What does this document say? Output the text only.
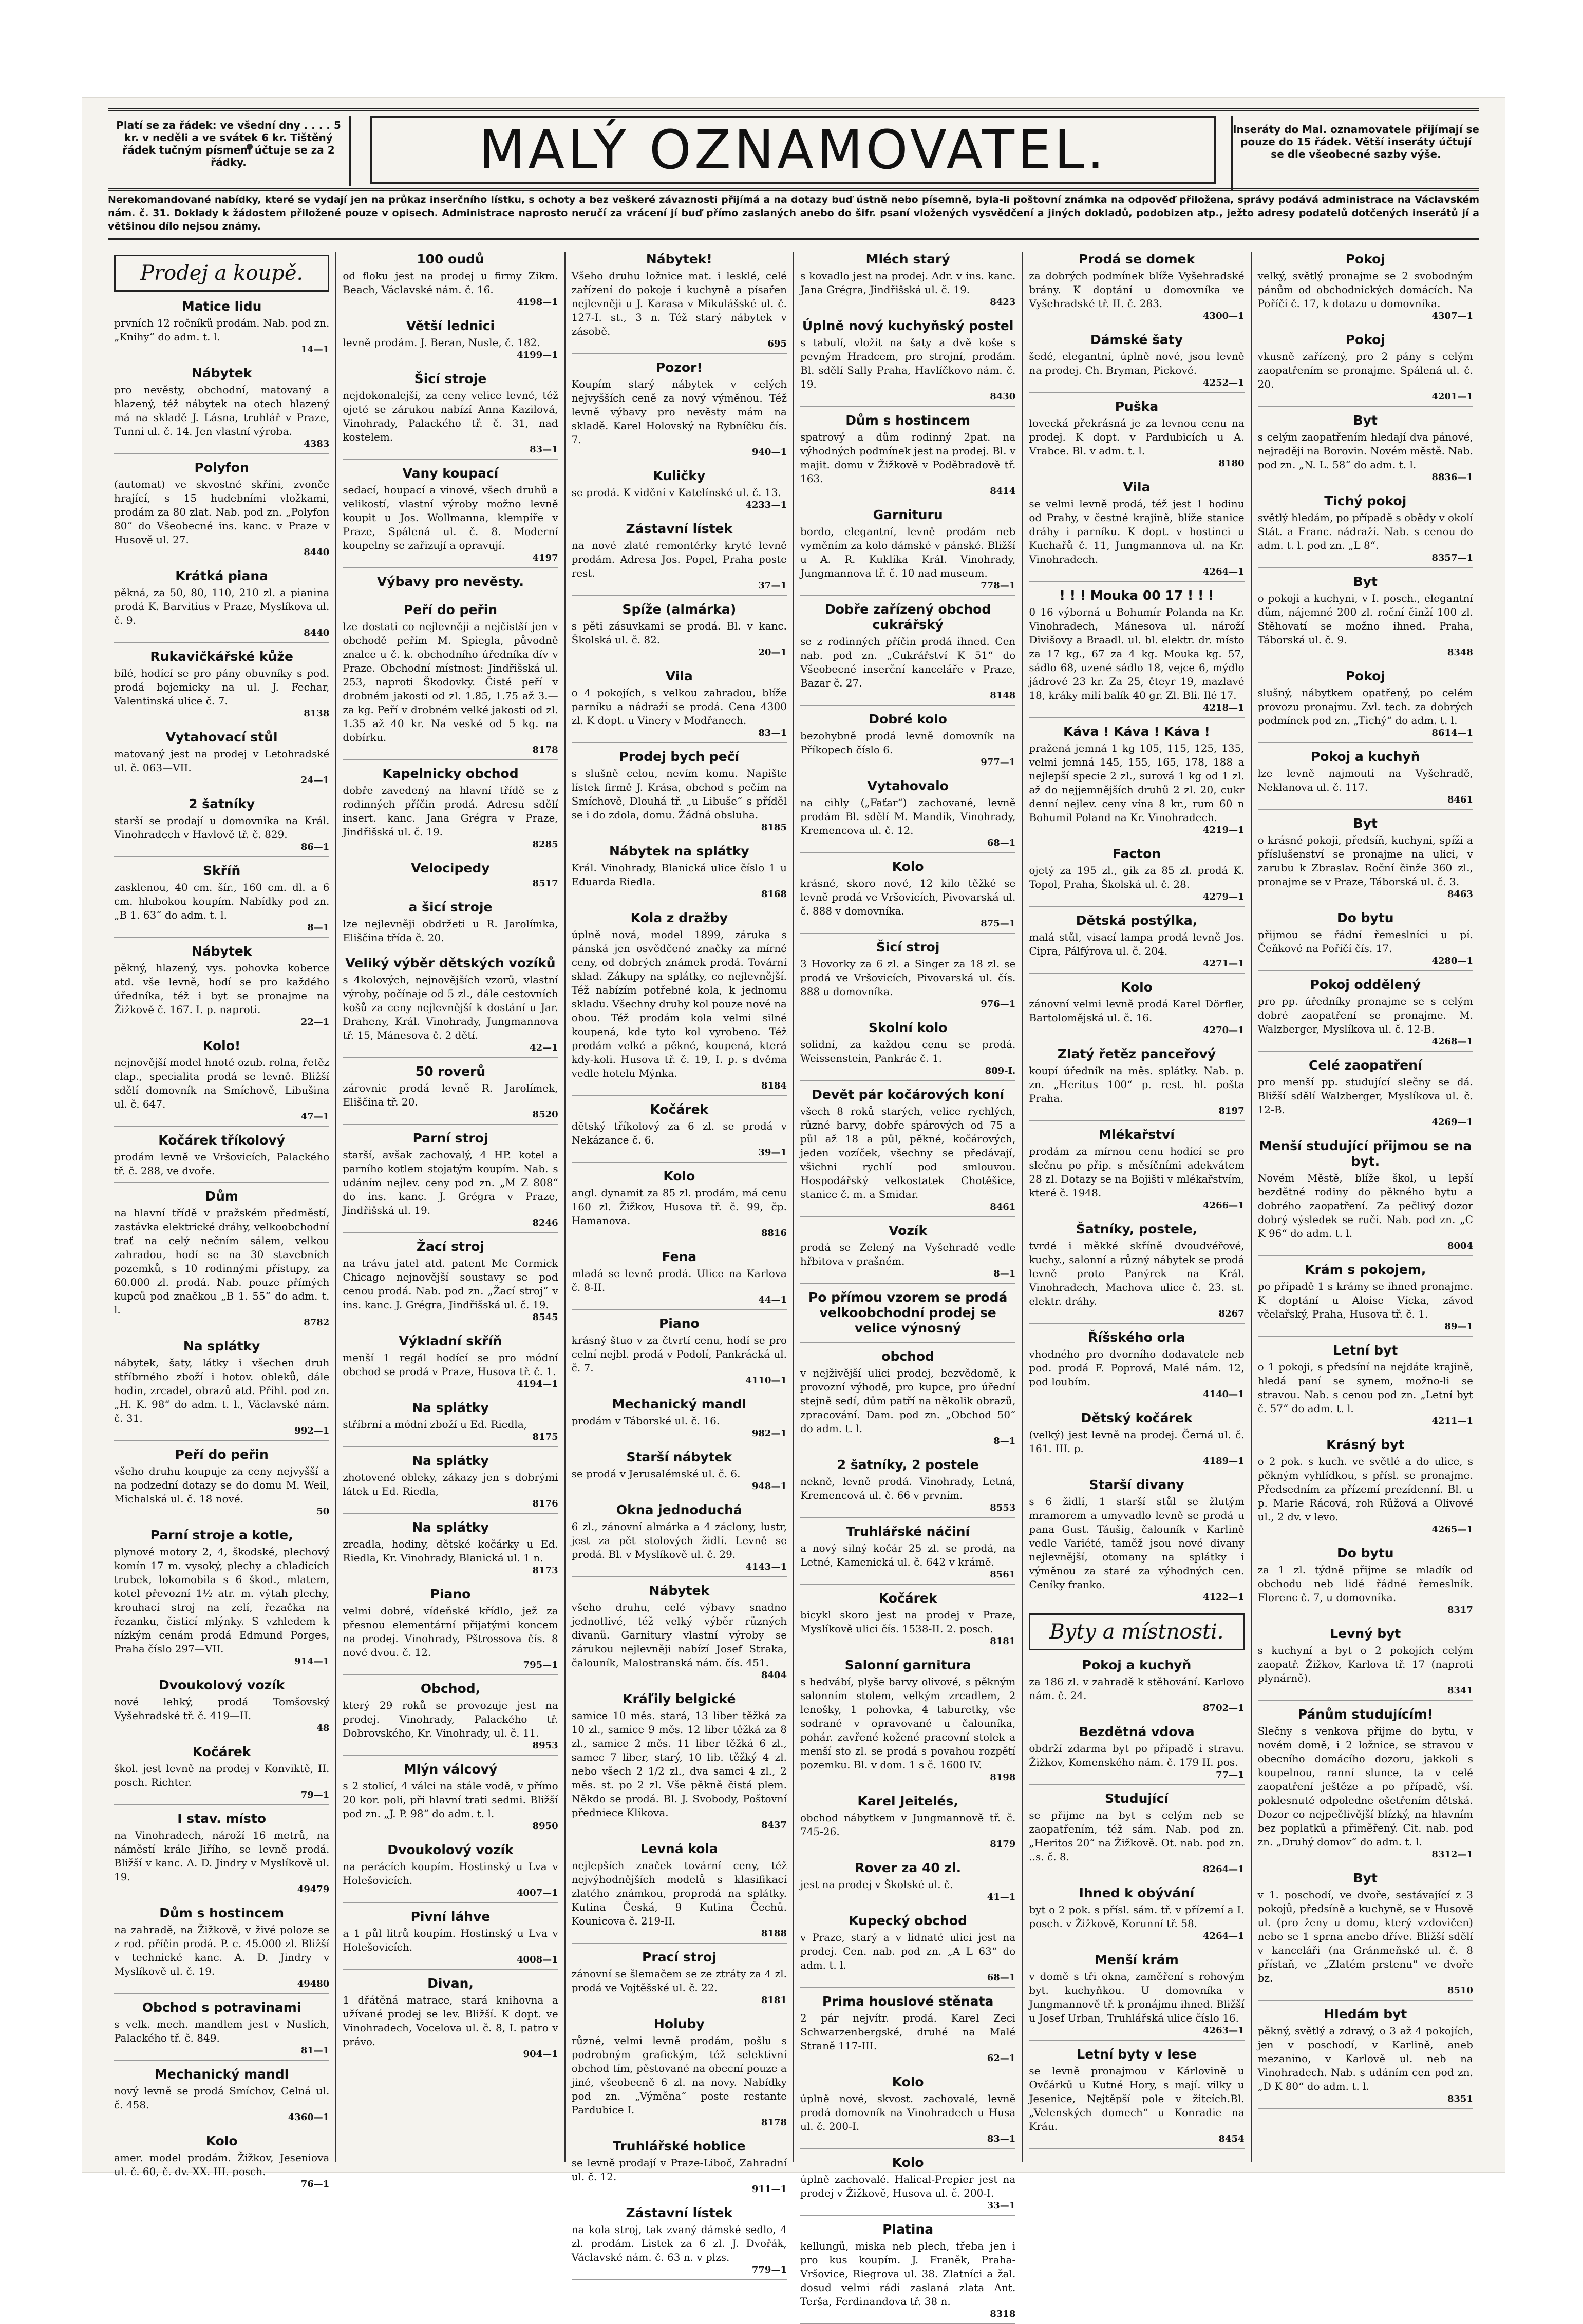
Platí se za řádek: ve všední dny . . . . 5 kr. v neděli a ve svátek 6 kr. Tištěný řádek tučným písmem účtuje se za 2 řádky.	MALÝ OZNAMOVATEL.	Inseráty do Mal. oznamovatele přijímají se pouze do 15 řádek. Větší inseráty účtují se dle všeobecné sazby výše.
Nerekomandované nabídky, které se vydají jen na průkaz inserčního lístku, s ochoty a bez veškeré závaznosti přijímá a na dotazy buď ústně nebo písemně, byla-li poštovní známka na odpověď přiložena, správy podává administrace na Václavském nám. č. 31. Doklady k žádostem přiložené pouze v opisech. Administrace naprosto neručí za vrácení jí buď přímo zaslaných anebo do šifr. psaní vložených vysvědčení a jiných dokladů, podobizen atp., ježto adresy podatelů dotčených inserátů jí a většinou dílo nejsou známy.
Prodej a koupě.
Matice lidu

prvních 12 ročníků prodám. Nab. pod zn. „Knihy“ do adm. t. l.

14—1
Nábytek

pro nevěsty, obchodní, matovaný a hlazený, též nábytek na otech hlazený má na skladě J. Lásna, truhlář v Praze, Tunni ul. č. 14. Jen vlastní výroba.

4383
Polyfon

(automat) ve skvostné skříni, zvonče hrající, s 15 hudebními vložkami, prodám za 80 zlat. Nab. pod zn. „Polyfon 80“ do Všeobecné ins. kanc. v Praze v Husově ul. 27.

8440
Krátká piana

pěkná, za 50, 80, 110, 210 zl. a pianina prodá K. Barvitius v Praze, Myslíkova ul. č. 9.

8440
Rukavičkářské kůže

bílé, hodící se pro pány obuvníky s pod. prodá bojemicky na ul. J. Fechar, Valentinská ulice č. 7.

8138
Vytahovací stůl

matovaný jest na prodej v Letohradské ul. č. 063—VII.

24—1
2 šatníky

starší se prodají u domovníka na Král. Vinohradech v Havlově tř. č. 829.

86—1
Skříň

zasklenou, 40 cm. šír., 160 cm. dl. a 6 cm. hlubokou koupím. Nabídky pod zn. „B 1. 63“ do adm. t. l.

8—1
Nábytek

pěkný, hlazený, vys. pohovka koberce atd. vše levně, hodí se pro každého úředníka, též i byt se pronajme na Žižkově č. 167. I. p. naproti.

22—1
Kolo!

nejnovější model hnoté ozub. rolna, řetěz clap., specialita prodá se levně. Bližší sdělí domovník na Smíchově, Libušina ul. č. 647.

47—1
Kočárek tříkolový

prodám levně ve Vršovicích, Palackého tř. č. 288, ve dvoře.

Dům

na hlavní třídě v pražském předměstí, zastávka elektrické dráhy, velkoobchodní trať na celý nečním sálem, velkou zahradou, hodí se na 30 stavebních pozemků, s 10 rodinnými přístupy, za 60.000 zl. prodá. Nab. pouze přímých kupců pod značkou „B 1. 55“ do adm. t. l.

8782
Na splátky

nábytek, šaty, látky i všechen druh stříbrného zboží i hotov. obleků, dále hodin, zrcadel, obrazů atd. Přihl. pod zn. „H. K. 98“ do adm. t. l., Václavské nám. č. 31.

992—1
Peří do peřin

všeho druhu koupuje za ceny nejvyšší a na podzední dotazy se do domu M. Weil, Michalská ul. č. 18 nové.

50
Parní stroje a kotle,

plynové motory 2, 4, škodské, plechový komín 17 m. vysoký, plechy a chladicích trubek, lokomobila s 6 škod., mlatem, kotel převozní 1½ atr. m. výtah plechy, krouhací stroj na zelí, řezačka na řezanku, čisticí mlýnky. S vzhledem k nízkým cenám prodá Edmund Porges, Praha číslo 297—VII.

914—1
Dvoukolový vozík

nové lehký, prodá Tomšovský Vyšehradské tř. č. 419—II.

48
Kočárek

škol. jest levně na prodej v Konviktě, II. posch. Richter.

79—1
I stav. místo

na Vinohradech, nároží 16 metrů, na náměstí krále Jiřího, se levně prodá. Bližší v kanc. A. D. Jindry v Myslíkově ul. 19.

49479
Dům s hostincem

na zahradě, na Žižkově, v živé poloze se z rod. příčin prodá. P. c. 45.000 zl. Bližší v technické kanc. A. D. Jindry v Myslíkově ul. č. 19.

49480
Obchod s potravinami

s velk. mech. mandlem jest v Nuslích, Palackého tř. č. 849.

81—1
Mechanický mandl

nový levně se prodá Smíchov, Celná ul. č. 458.

4360—1
Kolo

amer. model prodám. Žižkov, Jeseniova ul. č. 60, č. dv. XX. III. posch.

76—1
100 oudů

od floku jest na prodej u firmy Zikm. Beach, Václavské nám. č. 16.

4198—1
Větší lednici

levně prodám. J. Beran, Nusle, č. 182.

4199—1
Šicí stroje

nejdokonalejší, za ceny velice levné, též ojeté se zárukou nabízí Anna Kazilová, Vinohrady, Palackého tř. č. 31, nad kostelem.

83—1
Vany koupací

sedací, houpací a vinové, všech druhů a velikostí, vlastní výroby možno levně koupit u Jos. Wollmanna, klempíře v Praze, Spálená ul. č. 8. Moderní koupelny se zařizují a opravují.

4197
Výbavy pro nevěsty.
Peří do peřin

lze dostati co nejlevněji a nejčistší jen v obchodě peřím M. Spiegla, původně znalce u č. k. obchodního úředníka dív v Praze. Obchodní místnost: Jindřišská ul. 253, naproti Škodovky. Čisté peří v drobném jakosti od zl. 1.85, 1.75 až 3.— za kg. Peří v drobném velké jakosti od zl. 1.35 až 40 kr. Na veské od 5 kg. na dobírku.

8178
Kapelnicky obchod

dobře zavedený na hlavní třídě se z rodinných příčin prodá. Adresu sdělí insert. kanc. Jana Grégra v Praze, Jindřišská ul. č. 19.

8285
Velocipedy
8517
a šicí stroje

lze nejlevněji obdržeti u R. Jarolímka, Eliščina třída č. 20.

Veliký výběr dětských vozíků

s 4kolových, nejnovějších vzorů, vlastní výroby, počínaje od 5 zl., dále cestovních košů za ceny nejlevnější k dostání u Jar. Draheny, Král. Vinohrady, Jungmannova tř. 15, Mánesova č. 2 dětí.

42—1
50 roverů

zárovnic prodá levně R. Jarolímek, Eliščina tř. 20.

8520
Parní stroj

starší, avšak zachovalý, 4 HP. kotel a parního kotlem stojatým koupím. Nab. s udáním nejlev. ceny pod zn. „M Z 808“ do ins. kanc. J. Grégra v Praze, Jindřišská ul. 19.

8246
Žací stroj

na trávu jatel atd. patent Mc Cormick Chicago nejnovější soustavy se pod cenou prodá. Nab. pod zn. „Žací stroj“ v ins. kanc. J. Grégra, Jindřišská ul. č. 19.

8545
Výkladní skříň

menší 1 regál hodící se pro módní obchod se prodá v Praze, Husova tř. č. 1.

4194—1
Na splátky

stříbrní a módní zboží u Ed. Riedla,

8175
Na splátky

zhotovené obleky, zákazy jen s dobrými látek u Ed. Riedla,

8176
Na splátky

zrcadla, hodiny, dětské kočárky u Ed. Riedla, Kr. Vinohrady, Blanická ul. 1 n.

8173
Piano

velmi dobré, vídeňské křídlo, jež za přesnou elementární přijatými koncem na prodej. Vinohrady, Pštrossova čís. 8 nové dvou. č. 12.

795—1
Obchod,

který 29 roků se provozuje jest na prodej. Vinohrady, Palackého tř. Dobrovského, Kr. Vinohrady, ul. č. 11.

8953
Mlýn válcový

s 2 stolicí, 4 válci na stále vodě, v přímo 20 kor. poli, při hlavní trati sedmi. Bližší pod zn. „J. P. 98“ do adm. t. l.

8950
Dvoukolový vozík

na perácích koupím. Hostinský u Lva v Holešovicích.

4007—1
Pivní láhve

a 1 půl litrů koupím. Hostinský u Lva v Holešovicích.

4008—1
Divan,

1 dřátěná matrace, stará knihovna a užívané prodej se lev. Bližší. K dopt. ve Vinohradech, Vocelova ul. č. 8, I. patro v právo.

904—1
Nábytek!

Všeho druhu ložnice mat. i lesklé, celé zařízení do pokoje i kuchyně a písařen nejlevněji u J. Karasa v Mikulášské ul. č. 127-I. st., 3 n. Též starý nábytek v zásobě.

695
Pozor!

Koupím starý nábytek v celých nejvyšších ceně za nový výměnou. Též levně výbavy pro nevěsty mám na skladě. Karel Holovský na Rybníčku čís. 7.

940—1
Kuličky

se prodá. K vidění v Katelínské ul. č. 13.

4233—1
Zástavní lístek

na nové zlaté remontérky kryté levně prodám. Adresa Jos. Popel, Praha poste rest.

37—1
Spíže (almárka)

s pěti zásuvkami se prodá. Bl. v kanc. Školská ul. č. 82.

20—1
Vila

o 4 pokojích, s velkou zahradou, blíže parníku a nádraží se prodá. Cena 4300 zl. K dopt. u Vinery v Modřanech.

83—1
Prodej bych pečí

s slušně celou, nevím komu. Napište lístek firmě J. Krása, obchod s pečím na Smíchově, Dlouhá tř. „u Libuše“ s příděl se i do zdola, domu. Žádná obsluha.

8185
Nábytek na splátky

Král. Vinohrady, Blanická ulice číslo 1 u Eduarda Riedla.

8168
Kola z dražby

úplně nová, model 1899, záruka s pánská jen osvědčené značky za mírné ceny, od dobrých známek prodá. Tovární sklad. Zákupy na splátky, co nejlevnější. Též nabízím potřebné kola, k jednomu skladu. Všechny druhy kol pouze nové na obou. Též prodám kola velmi silné koupená, kde tyto kol vyrobeno. Též prodám velké a pěkné, koupená, která kdy-koli. Husova tř. č. 19, I. p. s dvěma vedle hotelu Mýnka.

8184
Kočárek

dětský tříkolový za 6 zl. se prodá v Nekázance č. 6.

39—1
Kolo

angl. dynamit za 85 zl. prodám, má cenu 160 zl. Žižkov, Husova tř. č. 99, čp. Hamanova.

8816
Fena

mladá se levně prodá. Ulice na Karlova č. 8-II.

44—1
Piano

krásný štuo v za čtvrtí cenu, hodí se pro celní nejbl. prodá v Podolí, Pankrácká ul. č. 7.

4110—1
Mechanický mandl

prodám v Táborské ul. č. 16.

982—1
Starší nábytek

se prodá v Jerusalémské ul. č. 6.

948—1
Okna jednoduchá

6 zl., zánovní almárka a 4 záclony, lustr, jest za pět stolových židlí. Levně se prodá. Bl. v Myslíkově ul. č. 29.

4143—1
Nábytek

všeho druhu, celé výbavy snadno jednotlivé, též velký výběr různých divanů. Garnitury vlastní výroby se zárukou nejlevněji nabízí Josef Straka, čalouník, Malostranská nám. čís. 451.

8404
Kráľily belgické

samice 10 měs. stará, 13 liber těžká za 10 zl., samice 9 měs. 12 liber těžká za 8 zl., samice 2 měs. 11 liber těžká 6 zl., samec 7 liber, starý, 10 lib. těžký 4 zl. nebo všech 2 1/2 zl., dva samci 4 zl., 2 měs. st. po 2 zl. Vše pěkně čistá plem. Někdo se prodá. Bl. J. Svobody, Poštovní předniece Klíkova.

8437
Levná kola

nejlepších značek tovární ceny, též nejvýhodnějších modelů s klasifikací zlatého známkou, proprodá na splátky. Kutina Česká, 9 Kutina Čechů. Kounicova č. 219-II.

8188
Prací stroj

zánovní se šlemačem se ze ztráty za 4 zl. prodá ve Vojtěšské ul. č. 22.

8181
Holuby

různé, velmi levně prodám, pošlu s podrobným grafickým, též selektivní obchod tím, pěstované na obecní pouze a jiné, všeobecně 6 zl. na novy. Nabídky pod zn. „Výměna“ poste restante Pardubice I.

8178
Truhlářské hoblice

se levně prodají v Praze-Liboč, Zahradní ul. č. 12.

911—1
Zástavní lístek

na kola stroj, tak zvaný dámské sedlo, 4 zl. prodám. Listek za 6 zl. J. Dvořák, Václavské nám. č. 63 n. v plzs.

779—1
Mléch starý

s kovadlo jest na prodej. Adr. v ins. kanc. Jana Grégra, Jindřišská ul. č. 19.

8423
Úplně nový kuchyňský postel

s tabulí, vložit na šaty a dvě koše s pevným Hradcem, pro strojní, prodám. Bl. sdělí Sally Praha, Havlíčkovo nám. č. 19.

8430
Dům s hostincem

spatrový a dům rodinný 2pat. na výhodných podmínek jest na prodej. Bl. v majit. domu v Žižkově v Poděbradově tř. 163.

8414
Garnituru

bordo, elegantní, levně prodám neb vyměním za kolo dámské v pánské. Bližší u A. R. Kuklíka Král. Vinohrady, Jungmannova tř. č. 10 nad museum.

778—1
Dobře zařízený obchod cukrářský

se z rodinných příčin prodá ihned. Cen nab. pod zn. „Cukrářství K 51“ do Všeobecné inserční kanceláře v Praze, Bazar č. 27.

8148
Dobré kolo

bezohybně prodá levně domovník na Příkopech číslo 6.

977—1
Vytahovalo

na cihly („Faťar“) zachované, levně prodám Bl. sdělí M. Mandik, Vinohrady, Kremencova ul. č. 12.

68—1
Kolo

krásné, skoro nové, 12 kilo těžké se levně prodá ve Vršovicích, Pivovarská ul. č. 888 v domovníka.

875—1
Šicí stroj

3 Hovorky za 6 zl. a Singer za 18 zl. se prodá ve Vršovicích, Pivovarská ul. čís. 888 u domovníka.

976—1
Skolní kolo

solidní, za každou cenu se prodá. Weissenstein, Pankrác č. 1.

809-I.
Devět pár kočárových koní

všech 8 roků starých, velice rychlých, různé barvy, dobře spárových od 75 a půl až 18 a půl, pěkné, kočárových, jeden vozíček, všechny se předávají, všichni rychlí pod smlouvou. Hospodářský velkostatek Chotěšice, stanice č. m. a Smidar.

8461
Vozík

prodá se Zelený na Vyšehradě vedle hřbitova v prašném.

8—1
Po přímou vzorem se prodá velkoobchodní prodej se velice výnosný
obchod

v nejživější ulici prodej, bezvědomě, k provozní výhodě, pro kupce, pro úřední stejně sedí, dům patří na několik obrazů, zpracování. Dam. pod zn. „Obchod 50“ do adm. t. l.

8—1
2 šatníky, 2 postele

nekně, levně prodá. Vinohrady, Letná, Kremencová ul. č. 66 v prvním.

8553
Truhlářské náčiní

a nový silný kočár 25 zl. se prodá, na Letné, Kamenická ul. č. 642 v krámě.

8561
Kočárek

bicykl skoro jest na prodej v Praze, Myslíkově ulici čís. 1538-II. 2. posch.

8181
Salonní garnitura

s hedvábí, plyše barvy olivové, s pěkným salonním stolem, velkým zrcadlem, 2 lenošky, 1 pohovka, 4 taburetky, vše sodrané v opravované u čalouníka, pohár. zavřené kožené pracovní stolek a menší sto zl. se prodá s povahou rozpětí pozemku. Bl. v dom. 1 s č. 1600 IV.

8198
Karel Jeitelés,

obchod nábytkem v Jungmannově tř. č. 745-26.

8179
Rover za 40 zl.

jest na prodej v Školské ul. č.

41—1
Kupecký obchod

v Praze, starý a v lidnaté ulici jest na prodej. Cen. nab. pod zn. „A L 63“ do adm. t. l.

68—1
Prima houslové stěnata

2 pár nejvítr. prodá. Karel Zeci Schwarzenbergské, druhé na Malé Straně 117-III.

62—1
Kolo

úplně nové, skvost. zachovalé, levně prodá domovník na Vinohradech u Husa ul. č. 200-I.

83—1
Kolo

úplně zachovalé. Halical-Prepier jest na prodej v Žižkově, Husova ul. č. 200-I.

33—1
Platina

kellungů, miska neb plech, třeba jen i pro kus koupím. J. Franěk, Praha-Vršovice, Riegrova ul. 38. Zlatníci a žal. dosud velmi rádi zaslaná zlata Ant. Terša, Ferdinandova tř. 38 n.

8318
Prodá se domek

za dobrých podmínek blíže Vyšehradské brány. K doptání u domovníka ve Vyšehradské tř. II. č. 283.

4300—1
Dámské šaty

šedé, elegantní, úplně nové, jsou levně na prodej. Ch. Bryman, Pickové.

4252—1
Puška

lovecká překrásná je za levnou cenu na prodej. K dopt. v Pardubicích u A. Vrabce. Bl. v adm. t. l.

8180
Vila

se velmi levně prodá, též jest 1 hodinu od Prahy, v čestné krajině, blíže stanice dráhy i parníku. K dopt. v hostinci u Kuchařů č. 11, Jungmannova ul. na Kr. Vinohradech.

4264—1
! ! ! Mouka 00 17 ! ! !

0 16 výborná u Bohumír Polanda na Kr. Vinohradech, Mánesova ul. nároží Divišovy a Braadl. ul. bl. elektr. dr. místo za 17 kg., 67 za 4 kg. Mouka kg. 57, sádlo 68, uzené sádlo 18, vejce 6, mýdlo jádrové 23 kr. Za 25, čteyr 19, mazlavé 18, kráky milí balík 40 gr. Zl. Bli. Ilé 17.

4218—1
Káva ! Káva ! Káva !

pražená jemná 1 kg 105, 115, 125, 135, velmi jemná 145, 155, 165, 178, 188 a nejlepší specie 2 zl., surová 1 kg od 1 zl. až do nejjemnějších druhů 2 zl. 20, cukr denní nejlev. ceny vína 8 kr., rum 60 n Bohumil Poland na Kr. Vinohradech.

4219—1
Facton

ojetý za 195 zl., gik za 85 zl. prodá K. Topol, Praha, Školská ul. č. 28.

4279—1
Dětská postýlka,

malá stůl, visací lampa prodá levně Jos. Cipra, Pálfýrova ul. č. 204.

4271—1
Kolo

zánovní velmi levně prodá Karel Dörfler, Bartolomějská ul. č. 16.

4270—1
Zlatý řetěz panceřový

koupí úředník na měs. splátky. Nab. p. zn. „Heritus 100“ p. rest. hl. pošta Praha.

8197
Mlékařství

prodám za mírnou cenu hodící se pro slečnu po přip. s měsíčními adekvátem 28 zl. Dotazy se na Bojišti v mlékařstvím, které č. 1948.

4266—1
Šatníky, postele,

tvrdé i měkké skříně dvoudvéřové, kuchy., salonní a různý nábytek se prodá levně proto Panýrek na Král. Vinohradech, Machova ulice č. 23. st. elektr. dráhy.

8267
Říšského orla

vhodného pro dvorního dodavatele neb pod. prodá F. Poprová, Malé nám. 12, pod loubím.

4140—1
Dětský kočárek

(velký) jest levně na prodej. Černá ul. č. 161. III. p.

4189—1
Starší divany

s 6 židlí, 1 starší stůl se žlutým mramorem a umyvadlo levně se prodá u pana Gust. Táušig, čalouník v Karlině vedle Variété, taměž jsou nové divany nejlevnější, otomany na splátky i výměnou za staré za výhodných cen. Ceníky franko.

4122—1
Byty a místnosti.
Pokoj a kuchyň

za 186 zl. v zahradě k stěhování. Karlovo nám. č. 24.

8702—1
Bezdětná vdova

obdrží zdarma byt po případě i stravu. Žižkov, Komenského nám. č. 179 II. pos.

77—1
Studující

se přijme na byt s celým neb se zaopatřením, též sám. Nab. pod zn. „Heritos 20“ na Žižkově. Ot. nab. pod zn. ..s. č. 8.

8264—1
Ihned k obývání

byt o 2 pok. s přísl. sám. tř. v přízemí a I. posch. v Žižkově, Korunní tř. 58.

4264—1
Menší krám

v domě s tři okna, zaměření s rohovým byt. kuchyňkou. U domovníka v Jungmannově tř. k pronájmu ihned. Bližší u Josef Urban, Truhlářská ulice číslo 16.

4263—1
Letní byty v lese

se levně pronajmou v Kárlovině u Ovčárků u Kutné Hory, s mají. vilky u Jesenice, Nejtěpší pole v žitcích.Bl. „Velenských domech“ u Konradie na Kráu.

8454
Pokoj

velký, světlý pronajme se 2 svobodným pánům od obchodnických domácích. Na Poříčí č. 17, k dotazu u domovníka.

4307—1
Pokoj

vkusně zařízený, pro 2 pány s celým zaopatřením se pronajme. Spálená ul. č. 20.

4201—1
Byt

s celým zaopatřením hledají dva pánové, nejraději na Borovin. Novém městě. Nab. pod zn. „N. L. 58“ do adm. t. l.

8836—1
Tichý pokoj

světlý hledám, po případě s obědy v okolí Stát. a Franc. nádraží. Nab. s cenou do adm. t. l. pod zn. „L 8“.

8357—1
Byt

o pokoji a kuchyni, v I. posch., elegantní dům, nájemné 200 zl. roční činží 100 zl. Stěhovatí se možno ihned. Praha, Táborská ul. č. 9.

8348
Pokoj

slušný, nábytkem opatřený, po celém provozu pronajmu. Zvl. tech. za dobrých podmínek pod zn. „Tichý“ do adm. t. l.

8614—1
Pokoj a kuchyň

lze levně najmouti na Vyšehradě, Neklanova ul. č. 117.

8461
Byt

o krásné pokoji, předsíň, kuchyni, spíži a příslušenství se pronajme na ulici, v zarubu k Zbraslav. Roční činže 360 zl., pronajme se v Praze, Táborská ul. č. 3.

8463
Do bytu

přijmou se řádní řemeslníci u pí. Čeňkové na Poříčí čís. 17.

4280—1
Pokoj oddělený

pro pp. úředníky pronajme se s celým dobré zaopatření se pronajme. M. Walzberger, Myslíkova ul. č. 12-B.

4268—1
Celé zaopatření

pro menší pp. studující slečny se dá. Bližší sdělí Walzberger, Myslíkova ul. č. 12-B.

4269—1
Menší studující přijmou se na byt.

Novém Městě, blíže škol, u lepší bezdětné rodiny do pěkného bytu a dobrého zaopatření. Za pečlivý dozor dobrý výsledek se ručí. Nab. pod zn. „C K 96“ do adm. t. l.

8004
Krám s pokojem,

po případě 1 s krámy se ihned pronajme. K doptání u Aloise Vícka, závod včelařský, Praha, Husova tř. č. 1.

89—1
Letní byt

o 1 pokoji, s předsíní na nejdáte krajině, hledá paní se synem, možno-li se stravou. Nab. s cenou pod zn. „Letní byt č. 57“ do adm. t. l.

4211—1
Krásný byt

o 2 pok. s kuch. ve světlé a do ulice, s pěkným vyhlídkou, s přísl. se pronajme. Předsedním za přízemí prezídenní. Bl. u p. Marie Rácová, roh Růžová a Olivové ul., 2 dv. v levo.

4265—1
Do bytu

za 1 zl. týdně přijme se mladík od obchodu neb lidé řádné řemeslník. Florenc č. 7, u domovníka.

8317
Levný byt

s kuchyní a byt o 2 pokojích celým zaopatř. Žižkov, Karlova tř. 17 (naproti plynárně).

8341
Pánům studujícím!

Slečny s venkova přijme do bytu, v novém domě, i 2 ložnice, se stravou v obecního domácího dozoru, jakkoli s koupelnou, ranní slunce, ta v celé zaopatření ještěze a po případě, vší. poklesnuté odpoledne ošetřením dětská. Dozor co nejpečlivější blízký, na hlavním bez poplatků a přiměřený. Cit. nab. pod zn. „Druhý domov“ do adm. t. l.

8312—1
Byt

v 1. poschodí, ve dvoře, sestávající z 3 pokojů, předsíně a kuchyně, se v Husově ul. (pro ženy u domu, který vzdovičen) nebo se 1 sprna anebo dříve. Bližší sdělí v kanceláři (na Gránmeňské ul. č. 8 přístaň, ve „Zlatém prstenu“ ve dvoře bz.

8510
Hledám byt

pěkný, světlý a zdravý, o 3 až 4 pokojích, jen v poschodí, v Karlině, aneb mezanino, v Karlově ul. neb na Vinohradech. Nab. s udáním cen pod zn. „D K 80“ do adm. t. l.

8351
